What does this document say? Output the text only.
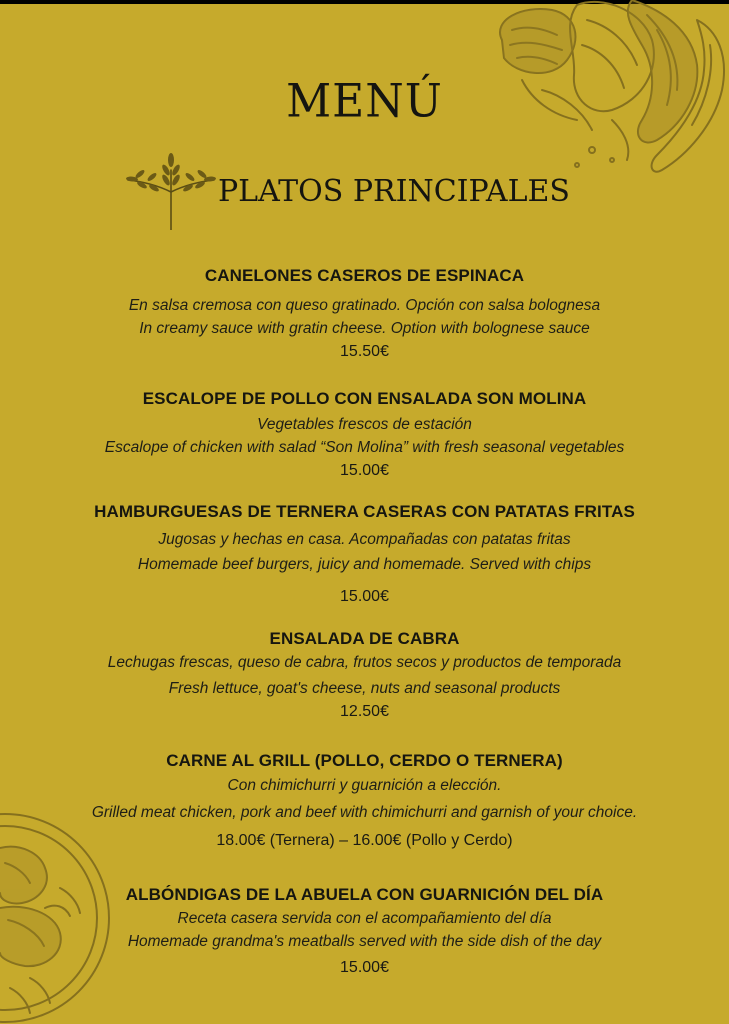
MENÚ
PLATOS PRINCIPALES
CANELONES CASEROS DE ESPINACA
En salsa cremosa con queso gratinado. Opción con salsa bolognesa
In creamy sauce with gratin cheese. Option with bolognese sauce
15.50€
ESCALOPE DE POLLO CON ENSALADA SON MOLINA
Vegetables frescos de estación
Escalope of chicken with salad “Son Molina” with fresh seasonal vegetables
15.00€
HAMBURGUESAS DE TERNERA CASERAS CON PATATAS FRITAS
Jugosas y hechas en casa. Acompañadas con patatas fritas
Homemade beef burgers, juicy and homemade. Served with chips
15.00€
ENSALADA DE CABRA
Lechugas frescas, queso de cabra, frutos secos y productos de temporada
Fresh lettuce, goat's cheese, nuts and seasonal products
12.50€
CARNE AL GRILL (POLLO, CERDO O TERNERA)
Con chimichurri y guarnición a elección.
Grilled meat chicken, pork and beef with chimichurri and garnish of your choice.
18.00€ (Ternera) – 16.00€ (Pollo y Cerdo)
ALBÓNDIGAS DE LA ABUELA CON GUARNICIÓN DEL DÍA
Receta casera servida con el acompañamiento del día
Homemade grandma's meatballs served with the side dish of the day
15.00€
